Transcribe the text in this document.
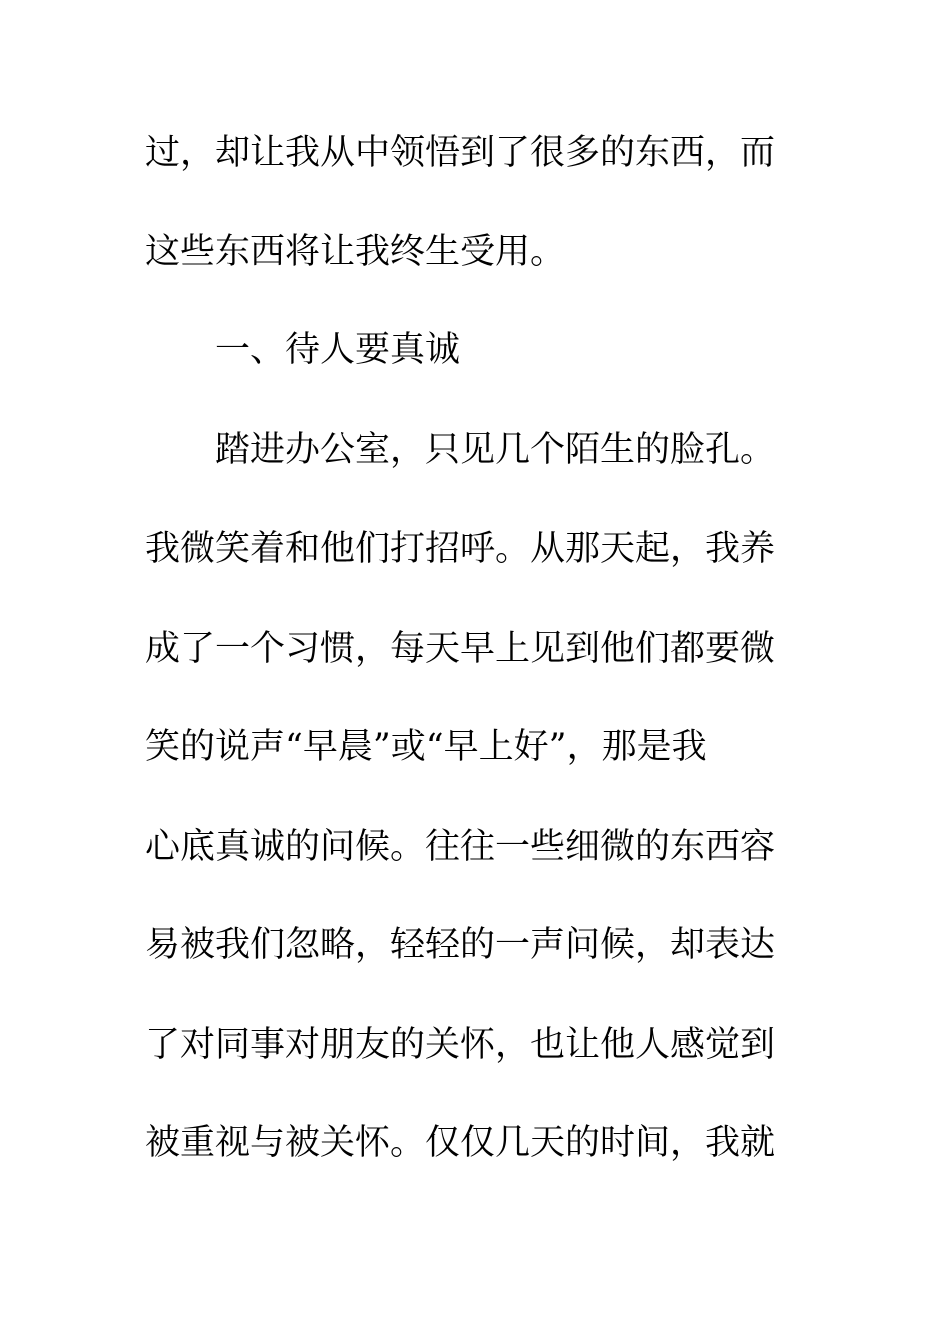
过，却让我从中领悟到了很多的东西，而
这些东西将让我终生受用。
一、待人要真诚
踏进办公室，只见几个陌生的脸孔。
我微笑着和他们打招呼。从那天起，我养
成了一个习惯，每天早上见到他们都要微
笑的说声“早晨”或“早上好”，那是我
心底真诚的问候。往往一些细微的东西容
易被我们忽略，轻轻的一声问候，却表达
了对同事对朋友的关怀，也让他人感觉到
被重视与被关怀。仅仅几天的时间，我就
